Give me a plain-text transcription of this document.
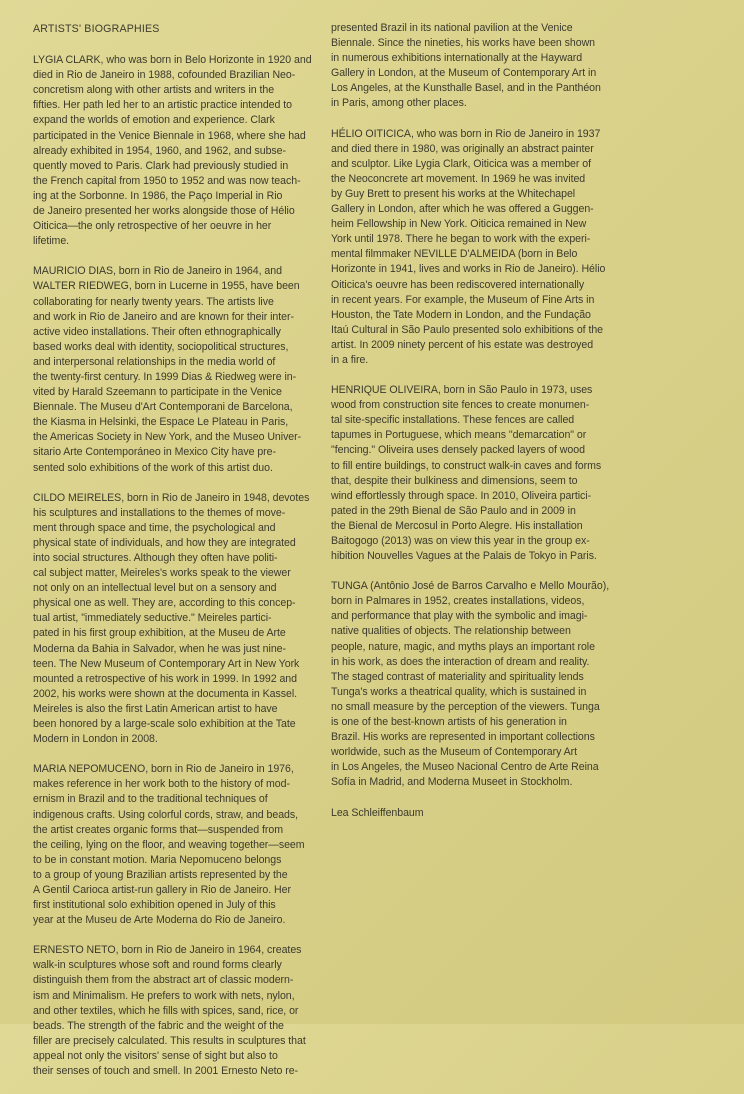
ARTISTS' BIOGRAPHIES

LYGIA CLARK, who was born in Belo Horizonte in 1920 and
died in Rio de Janeiro in 1988, cofounded Brazilian Neo-
concretism along with other artists and writers in the
fifties. Her path led her to an artistic practice intended to
expand the worlds of emotion and experience. Clark
participated in the Venice Biennale in 1968, where she had
already exhibited in 1954, 1960, and 1962, and subse-
quently moved to Paris. Clark had previously studied in
the French capital from 1950 to 1952 and was now teach-
ing at the Sorbonne. In 1986, the Paço Imperial in Rio
de Janeiro presented her works alongside those of Hélio
Oiticica—the only retrospective of her oeuvre in her
lifetime.

MAURICIO DIAS, born in Rio de Janeiro in 1964, and
WALTER RIEDWEG, born in Lucerne in 1955, have been
collaborating for nearly twenty years. The artists live
and work in Rio de Janeiro and are known for their inter-
active video installations. Their often ethnographically
based works deal with identity, sociopolitical structures,
and interpersonal relationships in the media world of
the twenty-first century. In 1999 Dias & Riedweg were in-
vited by Harald Szeemann to participate in the Venice
Biennale. The Museu d'Art Contemporani de Barcelona,
the Kiasma in Helsinki, the Espace Le Plateau in Paris,
the Americas Society in New York, and the Museo Univer-
sitario Arte Contemporáneo in Mexico City have pre-
sented solo exhibitions of the work of this artist duo.

CILDO MEIRELES, born in Rio de Janeiro in 1948, devotes
his sculptures and installations to the themes of move-
ment through space and time, the psychological and
physical state of individuals, and how they are integrated
into social structures. Although they often have politi-
cal subject matter, Meireles's works speak to the viewer
not only on an intellectual level but on a sensory and
physical one as well. They are, according to this concep-
tual artist, "immediately seductive." Meireles partici-
pated in his first group exhibition, at the Museu de Arte
Moderna da Bahia in Salvador, when he was just nine-
teen. The New Museum of Contemporary Art in New York
mounted a retrospective of his work in 1999. In 1992 and
2002, his works were shown at the documenta in Kassel.
Meireles is also the first Latin American artist to have
been honored by a large-scale solo exhibition at the Tate
Modern in London in 2008.

MARIA NEPOMUCENO, born in Rio de Janeiro in 1976,
makes reference in her work both to the history of mod-
ernism in Brazil and to the traditional techniques of
indigenous crafts. Using colorful cords, straw, and beads,
the artist creates organic forms that—suspended from
the ceiling, lying on the floor, and weaving together—seem
to be in constant motion. Maria Nepomuceno belongs
to a group of young Brazilian artists represented by the
A Gentil Carioca artist-run gallery in Rio de Janeiro. Her
first institutional solo exhibition opened in July of this
year at the Museu de Arte Moderna do Rio de Janeiro.

ERNESTO NETO, born in Rio de Janeiro in 1964, creates
walk-in sculptures whose soft and round forms clearly
distinguish them from the abstract art of classic modern-
ism and Minimalism. He prefers to work with nets, nylon,
and other textiles, which he fills with spices, sand, rice, or
beads. The strength of the fabric and the weight of the
filler are precisely calculated. This results in sculptures that
appeal not only the visitors' sense of sight but also to
their senses of touch and smell. In 2001 Ernesto Neto re-

presented Brazil in its national pavilion at the Venice
Biennale. Since the nineties, his works have been shown
in numerous exhibitions internationally at the Hayward
Gallery in London, at the Museum of Contemporary Art in
Los Angeles, at the Kunsthalle Basel, and in the Panthéon
in Paris, among other places.

HÉLIO OITICICA, who was born in Rio de Janeiro in 1937
and died there in 1980, was originally an abstract painter
and sculptor. Like Lygia Clark, Oiticica was a member of
the Neoconcrete art movement. In 1969 he was invited
by Guy Brett to present his works at the Whitechapel
Gallery in London, after which he was offered a Guggen-
heim Fellowship in New York. Oiticica remained in New
York until 1978. There he began to work with the experi-
mental filmmaker NEVILLE D'ALMEIDA (born in Belo
Horizonte in 1941, lives and works in Rio de Janeiro). Hélio
Oiticica's oeuvre has been rediscovered internationally
in recent years. For example, the Museum of Fine Arts in
Houston, the Tate Modern in London, and the Fundação
Itaú Cultural in São Paulo presented solo exhibitions of the
artist. In 2009 ninety percent of his estate was destroyed
in a fire.

HENRIQUE OLIVEIRA, born in São Paulo in 1973, uses
wood from construction site fences to create monumen-
tal site-specific installations. These fences are called
tapumes in Portuguese, which means "demarcation" or
"fencing." Oliveira uses densely packed layers of wood
to fill entire buildings, to construct walk-in caves and forms
that, despite their bulkiness and dimensions, seem to
wind effortlessly through space. In 2010, Oliveira partici-
pated in the 29th Bienal de São Paulo and in 2009 in
the Bienal de Mercosul in Porto Alegre. His installation
Baitogogo (2013) was on view this year in the group ex-
hibition Nouvelles Vagues at the Palais de Tokyo in Paris.

TUNGA (Antônio José de Barros Carvalho e Mello Mourão),
born in Palmares in 1952, creates installations, videos,
and performance that play with the symbolic and imagi-
native qualities of objects. The relationship between
people, nature, magic, and myths plays an important role
in his work, as does the interaction of dream and reality.
The staged contrast of materiality and spirituality lends
Tunga's works a theatrical quality, which is sustained in
no small measure by the perception of the viewers. Tunga
is one of the best-known artists of his generation in
Brazil. His works are represented in important collections
worldwide, such as the Museum of Contemporary Art
in Los Angeles, the Museo Nacional Centro de Arte Reina
Sofía in Madrid, and Moderna Museet in Stockholm.

Lea Schleiffenbaum
